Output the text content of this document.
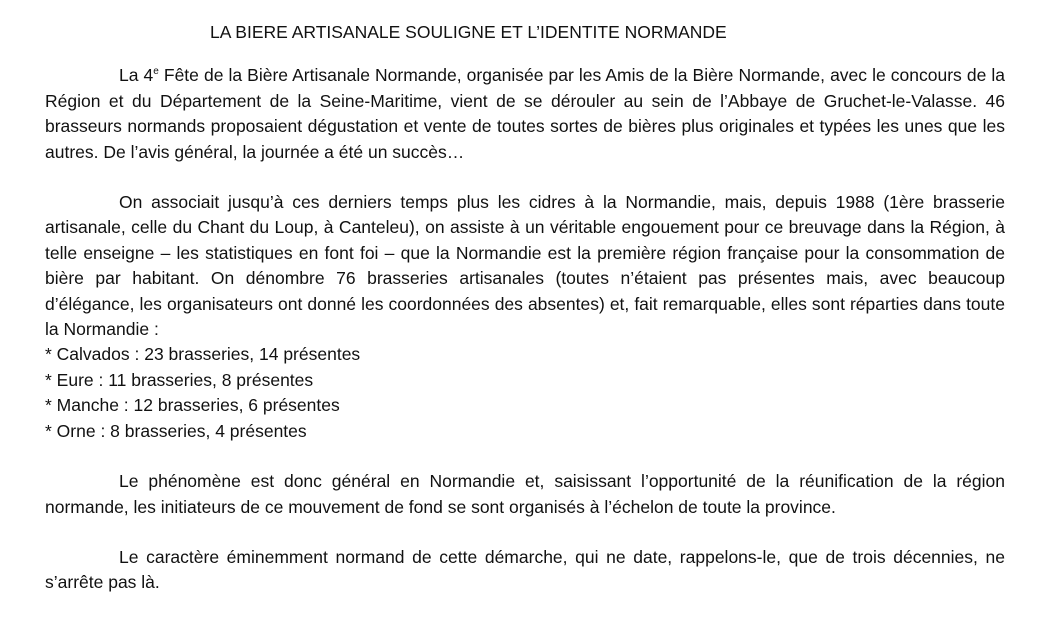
LA BIERE ARTISANALE SOULIGNE ET L’IDENTITE NORMANDE

La 4e Fête de la Bière Artisanale Normande, organisée par les Amis de la Bière Normande, avec le concours de la Région et du Département de la Seine-Maritime, vient de se dérouler au sein de l’Abbaye de Gruchet-le-Valasse. 46 brasseurs normands proposaient dégustation et vente de toutes sortes de bières plus originales et typées les unes que les autres. De l’avis général, la journée a été un succès…

On associait jusqu’à ces derniers temps plus les cidres à la Normandie, mais, depuis 1988 (1ère brasserie artisanale, celle du Chant du Loup, à Canteleu), on assiste à un véritable engouement pour ce breuvage dans la Région, à telle enseigne – les statistiques en font foi – que la Normandie est la première région française pour la consommation de bière par habitant. On dénombre 76 brasseries artisanales (toutes n’étaient pas présentes mais, avec beaucoup d’élégance, les organisateurs ont donné les coordonnées des absentes) et, fait remarquable, elles sont réparties dans toute la Normandie :

* Calvados : 23 brasseries, 14 présentes
* Eure : 11 brasseries, 8 présentes
* Manche : 12 brasseries, 6 présentes
* Orne : 8 brasseries, 4 présentes

Le phénomène est donc général en Normandie et, saisissant l’opportunité de la réunification de la région normande, les initiateurs de ce mouvement de fond se sont organisés à l’échelon de toute la province.

Le caractère éminemment normand de cette démarche, qui ne date, rappelons-le, que de trois décennies, ne s’arrête pas là.
